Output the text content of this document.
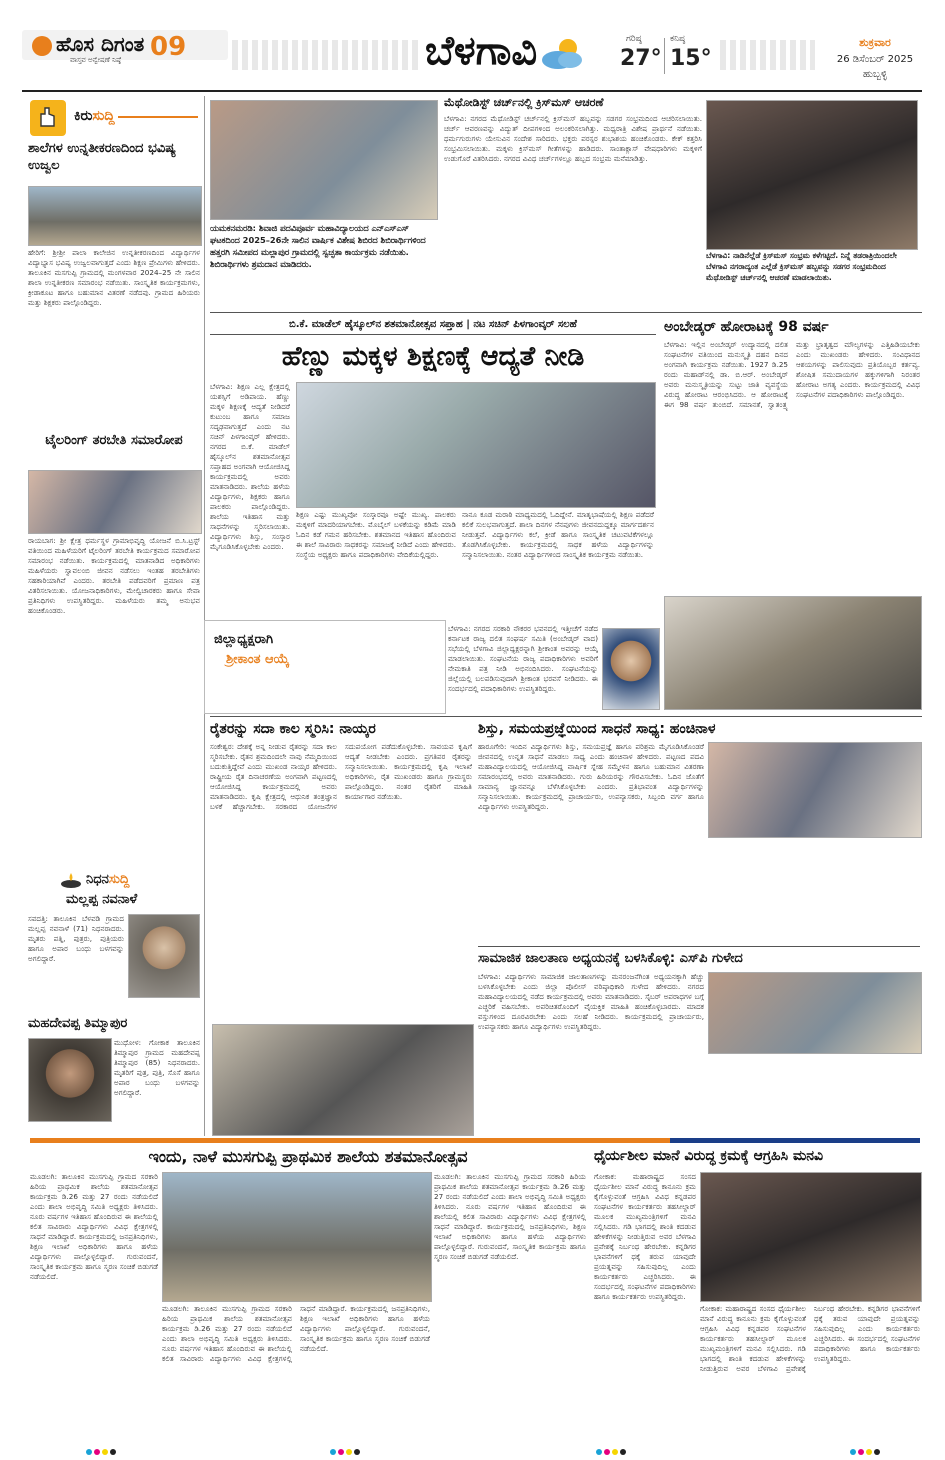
ಹೊಸ ದಿಗಂತ
ವಾಸ್ತವ ಅನ್ವೇಷಣೆ ನಿಷ್ಠೆ 09	ಬೆಳಗಾವಿ	ಗರಿಷ್ಠ
27°
ಕನಿಷ್ಠ
15°
ಶುಕ್ರವಾರ
26 ಡಿಸೆಂಬರ್ 2025
ಹುಬ್ಬಳ್ಳಿ
ಕಿರುಸುದ್ದಿ
ಶಾಲೆಗಳ ಉನ್ನತೀಕರಣದಿಂದ ಭವಿಷ್ಯ ಉಜ್ವಲ
ಹೇರಿಗೆ: ಶ್ರೀಶ್ರೀ ಪಾಲಾ ಕಾಲೇಜಿನ ಉನ್ನತೀಕರಣದಿಂದ ವಿದ್ಯಾರ್ಥಿಗಳ ವಿದ್ಯಾಭ್ಯಾಸ ಭವಿಷ್ಯ ಉಜ್ವಲವಾಗುತ್ತದೆ ಎಂದು ಶಿಕ್ಷಣ ಪ್ರೇಮಿಗಳು ಹೇಳಿದರು. ತಾಲೂಕಿನ ಮಸಗುಪ್ಪಿ ಗ್ರಾಮದಲ್ಲಿ ಮಂಗಳವಾರ 2024–25 ನೇ ಸಾಲಿನ ಶಾಲಾ ಉನ್ನತೀಕರಣ ಸಮಾರಂಭ ನಡೆಯಿತು. ಸಾಂಸ್ಕೃತಿಕ ಕಾರ್ಯಕ್ರಮಗಳು, ಕ್ರೀಡಾಕೂಟ ಹಾಗೂ ಬಹುಮಾನ ವಿತರಣೆ ನಡೆದವು. ಗ್ರಾಮದ ಹಿರಿಯರು ಮತ್ತು ಶಿಕ್ಷಕರು ಪಾಲ್ಗೊಂಡಿದ್ದರು.
ಟೈಲರಿಂಗ್ ತರಬೇತಿ ಸಮಾರೋಪ
ರಾಯಬಾಗ: ಶ್ರೀ ಕ್ಷೇತ್ರ ಧರ್ಮಸ್ಥಳ ಗ್ರಾಮಾಭಿವೃದ್ಧಿ ಯೋಜನೆ ಬಿ.ಸಿ.ಟ್ರಸ್ಟ್ ವತಿಯಿಂದ ಮಹಿಳೆಯರಿಗೆ ಟೈಲರಿಂಗ್ ತರಬೇತಿ ಕಾರ್ಯಕ್ರಮದ ಸಮಾರೋಪ ಸಮಾರಂಭ ನಡೆಯಿತು. ಕಾರ್ಯಕ್ರಮದಲ್ಲಿ ಮಾತನಾಡಿದ ಅಧಿಕಾರಿಗಳು ಮಹಿಳೆಯರು ಸ್ವಾವಲಂಬಿ ಜೀವನ ನಡೆಸಲು ಇಂತಹ ತರಬೇತಿಗಳು ಸಹಕಾರಿಯಾಗಿವೆ ಎಂದರು. ತರಬೇತಿ ಪಡೆದವರಿಗೆ ಪ್ರಮಾಣ ಪತ್ರ ವಿತರಿಸಲಾಯಿತು. ಯೋಜನಾಧಿಕಾರಿಗಳು, ಮೇಲ್ವಿಚಾರಕರು ಹಾಗೂ ಸೇವಾ ಪ್ರತಿನಿಧಿಗಳು ಉಪಸ್ಥಿತರಿದ್ದರು. ಮಹಿಳೆಯರು ತಮ್ಮ ಅನುಭವ ಹಂಚಿಕೊಂಡರು.
ನಿಧನಸುದ್ದಿ
ಮಲ್ಲಪ್ಪ ನವನಾಳೆ
ಸವದತ್ತಿ: ತಾಲೂಕಿನ ಬೆಳವಡಿ ಗ್ರಾಮದ ಮಲ್ಲಪ್ಪ ನವನಾಳೆ (71) ನಿಧನರಾದರು. ಮೃತರು ಪತ್ನಿ, ಪುತ್ರರು, ಪುತ್ರಿಯರು ಹಾಗೂ ಅಪಾರ ಬಂಧು ಬಳಗವನ್ನು ಅಗಲಿದ್ದಾರೆ.
ಮಹದೇವಪ್ಪ ತಿಮ್ಮಾಪುರ
ಮುಧೋಳ: ಗೋಕಾಕ ತಾಲೂಕಿನ ತಿಮ್ಮಾಪುರ ಗ್ರಾಮದ ಮಹದೇವಪ್ಪ ತಿಮ್ಮಾಪುರ (85) ನಿಧನರಾದರು. ಮೃತರಿಗೆ ಪುತ್ರ, ಪುತ್ರಿ, ಸೊಸೆ ಹಾಗೂ ಅಪಾರ ಬಂಧು ಬಳಗವನ್ನು ಅಗಲಿದ್ದಾರೆ.
ಯಮಕನಮರಡಿ: ಶಿವಾಜಿ ಪದವಿಪೂರ್ವ ಮಹಾವಿದ್ಯಾಲಯದ ಎನ್‌ಎಸ್‌ಎಸ್ ಘಟಕದಿಂದ 2025–26ನೇ ಸಾಲಿನ ವಾರ್ಷಿಕ ವಿಶೇಷ ಶಿಬಿರದ ಶಿಬಿರಾರ್ಥಿಗಳಿಂದ ಹತ್ತರಗಿ ಸಮೀಪದ ಮಲ್ಲಾಪುರ ಗ್ರಾಮದಲ್ಲಿ ಸ್ವಚ್ಛತಾ ಕಾರ್ಯಕ್ರಮ ನಡೆಯಿತು. ಶಿಬಿರಾರ್ಥಿಗಳು ಶ್ರಮದಾನ ಮಾಡಿದರು.
ಮೆಥೋಡಿಸ್ಟ್ ಚರ್ಚ್‌ನಲ್ಲಿ ಕ್ರಿಸ್‌ಮಸ್ ಆಚರಣೆ
ಬೆಳಗಾವಿ: ನಗರದ ಮೆಥೋಡಿಸ್ಟ್ ಚರ್ಚ್‌ನಲ್ಲಿ ಕ್ರಿಸ್‌ಮಸ್ ಹಬ್ಬವನ್ನು ಸಡಗರ ಸಂಭ್ರಮದಿಂದ ಆಚರಿಸಲಾಯಿತು. ಚರ್ಚ್ ಆವರಣವನ್ನು ವಿದ್ಯುತ್ ದೀಪಗಳಿಂದ ಅಲಂಕರಿಸಲಾಗಿತ್ತು. ಮಧ್ಯರಾತ್ರಿ ವಿಶೇಷ ಪ್ರಾರ್ಥನೆ ನಡೆಯಿತು. ಧರ್ಮಗುರುಗಳು ಯೇಸುವಿನ ಸಂದೇಶ ಸಾರಿದರು. ಭಕ್ತರು ಪರಸ್ಪರ ಶುಭಾಶಯ ಹಂಚಿಕೊಂಡರು. ಕೇಕ್ ಕತ್ತರಿಸಿ ಸಂಭ್ರಮಿಸಲಾಯಿತು. ಮಕ್ಕಳು ಕ್ರಿಸ್‌ಮಸ್ ಗೀತೆಗಳನ್ನು ಹಾಡಿದರು. ಸಾಂತಾಕ್ಲಾಸ್ ವೇಷಧಾರಿಗಳು ಮಕ್ಕಳಿಗೆ ಉಡುಗೊರೆ ವಿತರಿಸಿದರು. ನಗರದ ವಿವಿಧ ಚರ್ಚ್‌ಗಳಲ್ಲೂ ಹಬ್ಬದ ಸಂಭ್ರಮ ಮನೆಮಾಡಿತ್ತು.
ಬೆಳಗಾವಿ: ನಾಡಿನೆಲ್ಲೆಡೆ ಕ್ರಿಸ್‌ಮಸ್ ಸಂಭ್ರಮ ಕಳೆಗಟ್ಟಿದೆ. ನಿನ್ನೆ ತಡರಾತ್ರಿಯಿಂದಲೇ ಬೆಳಗಾವಿ ನಗರಾದ್ಯಂತ ಎಲ್ಲೆಡೆ ಕ್ರಿಸ್‌ಮಸ್ ಹಬ್ಬವನ್ನು ಸಡಗರ ಸಂಭ್ರಮದಿಂದ ಮೆಥೋಡಿಸ್ಟ್ ಚರ್ಚ್‌ನಲ್ಲಿ ಆಚರಣೆ ಮಾಡಲಾಯಿತು.
ಬಿ.ಕೆ. ಮಾಡೆಲ್ ಹೈಸ್ಕೂಲ್‌ನ ಶತಮಾನೋತ್ಸವ ಸಪ್ತಾಹ | ನಟ ಸಚಿನ್ ಪಿಳಗಾಂವ್ಕರ್ ಸಲಹೆ
ಹೆಣ್ಣು ಮಕ್ಕಳ ಶಿಕ್ಷಣಕ್ಕೆ ಆದ್ಯತೆ ನೀಡಿ
ಬೆಳಗಾವಿ: ಶಿಕ್ಷಣ ಎಲ್ಲ ಕ್ಷೇತ್ರದಲ್ಲಿ ಯಶಸ್ಸಿಗೆ ಅಡಿಪಾಯ. ಹೆಣ್ಣು ಮಕ್ಕಳ ಶಿಕ್ಷಣಕ್ಕೆ ಆದ್ಯತೆ ನೀಡಿದರೆ ಕುಟುಂಬ ಹಾಗೂ ಸಮಾಜ ಸದೃಢವಾಗುತ್ತದೆ ಎಂದು ನಟ ಸಚಿನ್ ಪಿಳಗಾಂವ್ಕರ್ ಹೇಳಿದರು. ನಗರದ ಬಿ.ಕೆ. ಮಾಡೆಲ್ ಹೈಸ್ಕೂಲ್‌ನ ಶತಮಾನೋತ್ಸವ ಸಪ್ತಾಹದ ಅಂಗವಾಗಿ ಆಯೋಜಿಸಿದ್ದ ಕಾರ್ಯಕ್ರಮದಲ್ಲಿ ಅವರು ಮಾತನಾಡಿದರು. ಶಾಲೆಯ ಹಳೆಯ ವಿದ್ಯಾರ್ಥಿಗಳು, ಶಿಕ್ಷಕರು ಹಾಗೂ ಪಾಲಕರು ಪಾಲ್ಗೊಂಡಿದ್ದರು. ಶಾಲೆಯ ಇತಿಹಾಸ ಮತ್ತು ಸಾಧನೆಗಳನ್ನು ಸ್ಮರಿಸಲಾಯಿತು. ವಿದ್ಯಾರ್ಥಿಗಳು ಶಿಸ್ತು, ಸಂಸ್ಕಾರ ಮೈಗೂಡಿಸಿಕೊಳ್ಳಬೇಕು ಎಂದರು.
ಶಿಕ್ಷಣ ಎಷ್ಟು ಮುಖ್ಯವೋ ಸಂಸ್ಕಾರವೂ ಅಷ್ಟೇ ಮುಖ್ಯ. ಪಾಲಕರು ಮಕ್ಕಳಿಗೆ ಮಾದರಿಯಾಗಬೇಕು. ಮೊಬೈಲ್ ಬಳಕೆಯನ್ನು ಕಡಿಮೆ ಮಾಡಿ ಓದಿನ ಕಡೆ ಗಮನ ಹರಿಸಬೇಕು. ಶತಮಾನದ ಇತಿಹಾಸ ಹೊಂದಿರುವ ಈ ಶಾಲೆ ಸಾವಿರಾರು ಸಾಧಕರನ್ನು ಸಮಾಜಕ್ಕೆ ನೀಡಿದೆ ಎಂದು ಹೇಳಿದರು. ಸಂಸ್ಥೆಯ ಅಧ್ಯಕ್ಷರು ಹಾಗೂ ಪದಾಧಿಕಾರಿಗಳು ವೇದಿಕೆಯಲ್ಲಿದ್ದರು.
ನಾನೂ ಕೂಡ ಮರಾಠಿ ಮಾಧ್ಯಮದಲ್ಲಿ ಓದಿದ್ದೇನೆ. ಮಾತೃಭಾಷೆಯಲ್ಲಿ ಶಿಕ್ಷಣ ಪಡೆದರೆ ಕಲಿಕೆ ಸುಲಭವಾಗುತ್ತದೆ. ಶಾಲಾ ದಿನಗಳ ನೆನಪುಗಳು ಜೀವನದುದ್ದಕ್ಕೂ ಮಾರ್ಗದರ್ಶನ ನೀಡುತ್ತವೆ. ವಿದ್ಯಾರ್ಥಿಗಳು ಕಲೆ, ಕ್ರೀಡೆ ಹಾಗೂ ಸಾಂಸ್ಕೃತಿಕ ಚಟುವಟಿಕೆಗಳಲ್ಲೂ ತೊಡಗಿಸಿಕೊಳ್ಳಬೇಕು. ಕಾರ್ಯಕ್ರಮದಲ್ಲಿ ಸಾಧಕ ಹಳೆಯ ವಿದ್ಯಾರ್ಥಿಗಳನ್ನು ಸನ್ಮಾನಿಸಲಾಯಿತು. ನಂತರ ವಿದ್ಯಾರ್ಥಿಗಳಿಂದ ಸಾಂಸ್ಕೃತಿಕ ಕಾರ್ಯಕ್ರಮ ನಡೆಯಿತು.
ಅಂಬೇಡ್ಕರ್ ಹೋರಾಟಕ್ಕೆ 98 ವರ್ಷ
ಬೆಳಗಾವಿ: ಇಲ್ಲಿನ ಅಂಬೇಡ್ಕರ್ ಉದ್ಯಾನದಲ್ಲಿ ದಲಿತ ಸಂಘಟನೆಗಳ ವತಿಯಿಂದ ಮನುಸ್ಮೃತಿ ದಹನ ದಿನದ ಅಂಗವಾಗಿ ಕಾರ್ಯಕ್ರಮ ನಡೆಯಿತು. 1927 ಡಿ.25 ರಂದು ಮಹಾಡ್‌ನಲ್ಲಿ ಡಾ. ಬಿ.ಆರ್. ಅಂಬೇಡ್ಕರ್ ಅವರು ಮನುಸ್ಮೃತಿಯನ್ನು ಸುಟ್ಟು ಜಾತಿ ವ್ಯವಸ್ಥೆಯ ವಿರುದ್ಧ ಹೋರಾಟ ಆರಂಭಿಸಿದರು. ಆ ಹೋರಾಟಕ್ಕೆ ಈಗ 98 ವರ್ಷ ತುಂಬಿದೆ. ಸಮಾನತೆ, ಸ್ವಾತಂತ್ರ್ಯ ಮತ್ತು ಭ್ರಾತೃತ್ವದ ಮೌಲ್ಯಗಳನ್ನು ಎತ್ತಿಹಿಡಿಯಬೇಕು ಎಂದು ಮುಖಂಡರು ಹೇಳಿದರು. ಸಂವಿಧಾನದ ಆಶಯಗಳನ್ನು ಪಾಲಿಸುವುದು ಪ್ರತಿಯೊಬ್ಬರ ಕರ್ತವ್ಯ. ಶೋಷಿತ ಸಮುದಾಯಗಳ ಹಕ್ಕುಗಳಿಗಾಗಿ ನಿರಂತರ ಹೋರಾಟ ಅಗತ್ಯ ಎಂದರು. ಕಾರ್ಯಕ್ರಮದಲ್ಲಿ ವಿವಿಧ ಸಂಘಟನೆಗಳ ಪದಾಧಿಕಾರಿಗಳು ಪಾಲ್ಗೊಂಡಿದ್ದರು.
ಜಿಲ್ಲಾಧ್ಯಕ್ಷರಾಗಿ
ಶ್ರೀಕಾಂತ ಆಯ್ಕೆ
ಬೆಳಗಾವಿ: ನಗರದ ಸರಕಾರಿ ನೌಕರರ ಭವನದಲ್ಲಿ ಇತ್ತೀಚೆಗೆ ನಡೆದ ಕರ್ನಾಟಕ ರಾಜ್ಯ ದಲಿತ ಸಂಘರ್ಷ ಸಮಿತಿ (ಅಂಬೇಡ್ಕರ್ ವಾದ) ಸಭೆಯಲ್ಲಿ ಬೆಳಗಾವಿ ಜಿಲ್ಲಾಧ್ಯಕ್ಷರನ್ನಾಗಿ ಶ್ರೀಕಾಂತ ಅವರನ್ನು ಆಯ್ಕೆ ಮಾಡಲಾಯಿತು. ಸಂಘಟನೆಯ ರಾಜ್ಯ ಪದಾಧಿಕಾರಿಗಳು ಅವರಿಗೆ ನೇಮಕಾತಿ ಪತ್ರ ನೀಡಿ ಅಭಿನಂದಿಸಿದರು. ಸಂಘಟನೆಯನ್ನು ಜಿಲ್ಲೆಯಲ್ಲಿ ಬಲಪಡಿಸುವುದಾಗಿ ಶ್ರೀಕಾಂತ ಭರವಸೆ ನೀಡಿದರು. ಈ ಸಂದರ್ಭದಲ್ಲಿ ಪದಾಧಿಕಾರಿಗಳು ಉಪಸ್ಥಿತರಿದ್ದರು.
ರೈತರನ್ನು ಸದಾ ಕಾಲ ಸ್ಮರಿಸಿ: ನಾಯ್ಕರ
ಸಂಕೇಶ್ವರ: ದೇಶಕ್ಕೆ ಅನ್ನ ನೀಡುವ ರೈತರನ್ನು ಸದಾ ಕಾಲ ಸ್ಮರಿಸಬೇಕು. ರೈತನ ಶ್ರಮದಿಂದಲೇ ನಾವು ನೆಮ್ಮದಿಯಿಂದ ಬದುಕುತ್ತಿದ್ದೇವೆ ಎಂದು ಮುಖಂಡ ನಾಯ್ಕರ ಹೇಳಿದರು. ರಾಷ್ಟ್ರೀಯ ರೈತ ದಿನಾಚರಣೆಯ ಅಂಗವಾಗಿ ಪಟ್ಟಣದಲ್ಲಿ ಆಯೋಜಿಸಿದ್ದ ಕಾರ್ಯಕ್ರಮದಲ್ಲಿ ಅವರು ಮಾತನಾಡಿದರು. ಕೃಷಿ ಕ್ಷೇತ್ರದಲ್ಲಿ ಆಧುನಿಕ ತಂತ್ರಜ್ಞಾನ ಬಳಕೆ ಹೆಚ್ಚಾಗಬೇಕು. ಸರಕಾರದ ಯೋಜನೆಗಳ ಸದುಪಯೋಗ ಪಡೆದುಕೊಳ್ಳಬೇಕು. ಸಾವಯವ ಕೃಷಿಗೆ ಆದ್ಯತೆ ನೀಡಬೇಕು ಎಂದರು. ಪ್ರಗತಿಪರ ರೈತರನ್ನು ಸನ್ಮಾನಿಸಲಾಯಿತು. ಕಾರ್ಯಕ್ರಮದಲ್ಲಿ ಕೃಷಿ ಇಲಾಖೆ ಅಧಿಕಾರಿಗಳು, ರೈತ ಮುಖಂಡರು ಹಾಗೂ ಗ್ರಾಮಸ್ಥರು ಪಾಲ್ಗೊಂಡಿದ್ದರು. ನಂತರ ರೈತರಿಗೆ ಮಾಹಿತಿ ಕಾರ್ಯಾಗಾರ ನಡೆಯಿತು.
ಶಿಸ್ತು, ಸಮಯಪ್ರಜ್ಞೆಯಿಂದ ಸಾಧನೆ ಸಾಧ್ಯ: ಹಂಚಿನಾಳ
ಹಾರೂಗೇರಿ: ಇಂದಿನ ವಿದ್ಯಾರ್ಥಿಗಳು ಶಿಸ್ತು, ಸಮಯಪ್ರಜ್ಞೆ ಹಾಗೂ ಪರಿಶ್ರಮ ಮೈಗೂಡಿಸಿಕೊಂಡರೆ ಜೀವನದಲ್ಲಿ ಉನ್ನತ ಸಾಧನೆ ಮಾಡಲು ಸಾಧ್ಯ ಎಂದು ಹಂಚಿನಾಳ ಹೇಳಿದರು. ಪಟ್ಟಣದ ಪದವಿ ಮಹಾವಿದ್ಯಾಲಯದಲ್ಲಿ ಆಯೋಜಿಸಿದ್ದ ವಾರ್ಷಿಕ ಸ್ನೇಹ ಸಮ್ಮೇಳನ ಹಾಗೂ ಬಹುಮಾನ ವಿತರಣಾ ಸಮಾರಂಭದಲ್ಲಿ ಅವರು ಮಾತನಾಡಿದರು. ಗುರು ಹಿರಿಯರನ್ನು ಗೌರವಿಸಬೇಕು. ಓದಿನ ಜೊತೆಗೆ ಸಾಮಾನ್ಯ ಜ್ಞಾನವನ್ನೂ ಬೆಳೆಸಿಕೊಳ್ಳಬೇಕು ಎಂದರು. ಪ್ರತಿಭಾವಂತ ವಿದ್ಯಾರ್ಥಿಗಳನ್ನು ಸನ್ಮಾನಿಸಲಾಯಿತು. ಕಾರ್ಯಕ್ರಮದಲ್ಲಿ ಪ್ರಾಚಾರ್ಯರು, ಉಪನ್ಯಾಸಕರು, ಸಿಬ್ಬಂದಿ ವರ್ಗ ಹಾಗೂ ವಿದ್ಯಾರ್ಥಿಗಳು ಉಪಸ್ಥಿತರಿದ್ದರು.
ಸಾಮಾಜಿಕ ಜಾಲತಾಣ ಅಧ್ಯಯನಕ್ಕೆ ಬಳಸಿಕೊಳ್ಳಿ: ಎಸ್‌ಪಿ ಗುಳೇದ
ಬೆಳಗಾವಿ: ವಿದ್ಯಾರ್ಥಿಗಳು ಸಾಮಾಜಿಕ ಜಾಲತಾಣಗಳನ್ನು ಮನರಂಜನೆಗಿಂತ ಅಧ್ಯಯನಕ್ಕಾಗಿ ಹೆಚ್ಚು ಬಳಸಿಕೊಳ್ಳಬೇಕು ಎಂದು ಜಿಲ್ಲಾ ಪೊಲೀಸ್ ವರಿಷ್ಠಾಧಿಕಾರಿ ಗುಳೇದ ಹೇಳಿದರು. ನಗರದ ಮಹಾವಿದ್ಯಾಲಯದಲ್ಲಿ ನಡೆದ ಕಾರ್ಯಕ್ರಮದಲ್ಲಿ ಅವರು ಮಾತನಾಡಿದರು. ಸೈಬರ್ ಅಪರಾಧಗಳ ಬಗ್ಗೆ ಎಚ್ಚರಿಕೆ ವಹಿಸಬೇಕು. ಅಪರಿಚಿತರೊಂದಿಗೆ ವೈಯಕ್ತಿಕ ಮಾಹಿತಿ ಹಂಚಿಕೊಳ್ಳಬಾರದು. ಮಾದಕ ವಸ್ತುಗಳಿಂದ ದೂರವಿರಬೇಕು ಎಂದು ಸಲಹೆ ನೀಡಿದರು. ಕಾರ್ಯಕ್ರಮದಲ್ಲಿ ಪ್ರಾಚಾರ್ಯರು, ಉಪನ್ಯಾಸಕರು ಹಾಗೂ ವಿದ್ಯಾರ್ಥಿಗಳು ಉಪಸ್ಥಿತರಿದ್ದರು.
ಇಂದು, ನಾಳೆ ಮುಸಗುಪ್ಪಿ ಪ್ರಾಥಮಿಕ ಶಾಲೆಯ ಶತಮಾನೋತ್ಸವ
ಮೂಡಲಗಿ: ತಾಲೂಕಿನ ಮುಸಗುಪ್ಪಿ ಗ್ರಾಮದ ಸರಕಾರಿ ಹಿರಿಯ ಪ್ರಾಥಮಿಕ ಶಾಲೆಯ ಶತಮಾನೋತ್ಸವ ಕಾರ್ಯಕ್ರಮ ಡಿ.26 ಮತ್ತು 27 ರಂದು ನಡೆಯಲಿದೆ ಎಂದು ಶಾಲಾ ಅಭಿವೃದ್ಧಿ ಸಮಿತಿ ಅಧ್ಯಕ್ಷರು ತಿಳಿಸಿದರು. ನೂರು ವರ್ಷಗಳ ಇತಿಹಾಸ ಹೊಂದಿರುವ ಈ ಶಾಲೆಯಲ್ಲಿ ಕಲಿತ ಸಾವಿರಾರು ವಿದ್ಯಾರ್ಥಿಗಳು ವಿವಿಧ ಕ್ಷೇತ್ರಗಳಲ್ಲಿ ಸಾಧನೆ ಮಾಡಿದ್ದಾರೆ. ಕಾರ್ಯಕ್ರಮದಲ್ಲಿ ಜನಪ್ರತಿನಿಧಿಗಳು, ಶಿಕ್ಷಣ ಇಲಾಖೆ ಅಧಿಕಾರಿಗಳು ಹಾಗೂ ಹಳೆಯ ವಿದ್ಯಾರ್ಥಿಗಳು ಪಾಲ್ಗೊಳ್ಳಲಿದ್ದಾರೆ. ಗುರುವಂದನೆ, ಸಾಂಸ್ಕೃತಿಕ ಕಾರ್ಯಕ್ರಮ ಹಾಗೂ ಸ್ಮರಣ ಸಂಚಿಕೆ ಬಿಡುಗಡೆ ನಡೆಯಲಿದೆ.
ಮೂಡಲಗಿ: ತಾಲೂಕಿನ ಮುಸಗುಪ್ಪಿ ಗ್ರಾಮದ ಸರಕಾರಿ ಹಿರಿಯ ಪ್ರಾಥಮಿಕ ಶಾಲೆಯ ಶತಮಾನೋತ್ಸವ ಕಾರ್ಯಕ್ರಮ ಡಿ.26 ಮತ್ತು 27 ರಂದು ನಡೆಯಲಿದೆ ಎಂದು ಶಾಲಾ ಅಭಿವೃದ್ಧಿ ಸಮಿತಿ ಅಧ್ಯಕ್ಷರು ತಿಳಿಸಿದರು. ನೂರು ವರ್ಷಗಳ ಇತಿಹಾಸ ಹೊಂದಿರುವ ಈ ಶಾಲೆಯಲ್ಲಿ ಕಲಿತ ಸಾವಿರಾರು ವಿದ್ಯಾರ್ಥಿಗಳು ವಿವಿಧ ಕ್ಷೇತ್ರಗಳಲ್ಲಿ ಸಾಧನೆ ಮಾಡಿದ್ದಾರೆ. ಕಾರ್ಯಕ್ರಮದಲ್ಲಿ ಜನಪ್ರತಿನಿಧಿಗಳು, ಶಿಕ್ಷಣ ಇಲಾಖೆ ಅಧಿಕಾರಿಗಳು ಹಾಗೂ ಹಳೆಯ ವಿದ್ಯಾರ್ಥಿಗಳು ಪಾಲ್ಗೊಳ್ಳಲಿದ್ದಾರೆ. ಗುರುವಂದನೆ, ಸಾಂಸ್ಕೃತಿಕ ಕಾರ್ಯಕ್ರಮ ಹಾಗೂ ಸ್ಮರಣ ಸಂಚಿಕೆ ಬಿಡುಗಡೆ ನಡೆಯಲಿದೆ.
ಮೂಡಲಗಿ: ತಾಲೂಕಿನ ಮುಸಗುಪ್ಪಿ ಗ್ರಾಮದ ಸರಕಾರಿ ಹಿರಿಯ ಪ್ರಾಥಮಿಕ ಶಾಲೆಯ ಶತಮಾನೋತ್ಸವ ಕಾರ್ಯಕ್ರಮ ಡಿ.26 ಮತ್ತು 27 ರಂದು ನಡೆಯಲಿದೆ ಎಂದು ಶಾಲಾ ಅಭಿವೃದ್ಧಿ ಸಮಿತಿ ಅಧ್ಯಕ್ಷರು ತಿಳಿಸಿದರು. ನೂರು ವರ್ಷಗಳ ಇತಿಹಾಸ ಹೊಂದಿರುವ ಈ ಶಾಲೆಯಲ್ಲಿ ಕಲಿತ ಸಾವಿರಾರು ವಿದ್ಯಾರ್ಥಿಗಳು ವಿವಿಧ ಕ್ಷೇತ್ರಗಳಲ್ಲಿ ಸಾಧನೆ ಮಾಡಿದ್ದಾರೆ. ಕಾರ್ಯಕ್ರಮದಲ್ಲಿ ಜನಪ್ರತಿನಿಧಿಗಳು, ಶಿಕ್ಷಣ ಇಲಾಖೆ ಅಧಿಕಾರಿಗಳು ಹಾಗೂ ಹಳೆಯ ವಿದ್ಯಾರ್ಥಿಗಳು ಪಾಲ್ಗೊಳ್ಳಲಿದ್ದಾರೆ. ಗುರುವಂದನೆ, ಸಾಂಸ್ಕೃತಿಕ ಕಾರ್ಯಕ್ರಮ ಹಾಗೂ ಸ್ಮರಣ ಸಂಚಿಕೆ ಬಿಡುಗಡೆ ನಡೆಯಲಿದೆ.
ಧೈರ್ಯಶೀಲ ಮಾನೆ ವಿರುದ್ಧ ಕ್ರಮಕ್ಕೆ ಆಗ್ರಹಿಸಿ ಮನವಿ
ಗೋಕಾಕ: ಮಹಾರಾಷ್ಟ್ರದ ಸಂಸದ ಧೈರ್ಯಶೀಲ ಮಾನೆ ವಿರುದ್ಧ ಕಾನೂನು ಕ್ರಮ ಕೈಗೊಳ್ಳುವಂತೆ ಆಗ್ರಹಿಸಿ ವಿವಿಧ ಕನ್ನಡಪರ ಸಂಘಟನೆಗಳ ಕಾರ್ಯಕರ್ತರು ತಹಸೀಲ್ದಾರ್ ಮೂಲಕ ಮುಖ್ಯಮಂತ್ರಿಗಳಿಗೆ ಮನವಿ ಸಲ್ಲಿಸಿದರು. ಗಡಿ ಭಾಗದಲ್ಲಿ ಶಾಂತಿ ಕದಡುವ ಹೇಳಿಕೆಗಳನ್ನು ನೀಡುತ್ತಿರುವ ಅವರ ಬೆಳಗಾವಿ ಪ್ರವೇಶಕ್ಕೆ ನಿರ್ಬಂಧ ಹೇರಬೇಕು. ಕನ್ನಡಿಗರ ಭಾವನೆಗಳಿಗೆ ಧಕ್ಕೆ ತರುವ ಯಾವುದೇ ಪ್ರಯತ್ನವನ್ನು ಸಹಿಸುವುದಿಲ್ಲ ಎಂದು ಕಾರ್ಯಕರ್ತರು ಎಚ್ಚರಿಸಿದರು. ಈ ಸಂದರ್ಭದಲ್ಲಿ ಸಂಘಟನೆಗಳ ಪದಾಧಿಕಾರಿಗಳು ಹಾಗೂ ಕಾರ್ಯಕರ್ತರು ಉಪಸ್ಥಿತರಿದ್ದರು.
ಗೋಕಾಕ: ಮಹಾರಾಷ್ಟ್ರದ ಸಂಸದ ಧೈರ್ಯಶೀಲ ಮಾನೆ ವಿರುದ್ಧ ಕಾನೂನು ಕ್ರಮ ಕೈಗೊಳ್ಳುವಂತೆ ಆಗ್ರಹಿಸಿ ವಿವಿಧ ಕನ್ನಡಪರ ಸಂಘಟನೆಗಳ ಕಾರ್ಯಕರ್ತರು ತಹಸೀಲ್ದಾರ್ ಮೂಲಕ ಮುಖ್ಯಮಂತ್ರಿಗಳಿಗೆ ಮನವಿ ಸಲ್ಲಿಸಿದರು. ಗಡಿ ಭಾಗದಲ್ಲಿ ಶಾಂತಿ ಕದಡುವ ಹೇಳಿಕೆಗಳನ್ನು ನೀಡುತ್ತಿರುವ ಅವರ ಬೆಳಗಾವಿ ಪ್ರವೇಶಕ್ಕೆ ನಿರ್ಬಂಧ ಹೇರಬೇಕು. ಕನ್ನಡಿಗರ ಭಾವನೆಗಳಿಗೆ ಧಕ್ಕೆ ತರುವ ಯಾವುದೇ ಪ್ರಯತ್ನವನ್ನು ಸಹಿಸುವುದಿಲ್ಲ ಎಂದು ಕಾರ್ಯಕರ್ತರು ಎಚ್ಚರಿಸಿದರು. ಈ ಸಂದರ್ಭದಲ್ಲಿ ಸಂಘಟನೆಗಳ ಪದಾಧಿಕಾರಿಗಳು ಹಾಗೂ ಕಾರ್ಯಕರ್ತರು ಉಪಸ್ಥಿತರಿದ್ದರು.
